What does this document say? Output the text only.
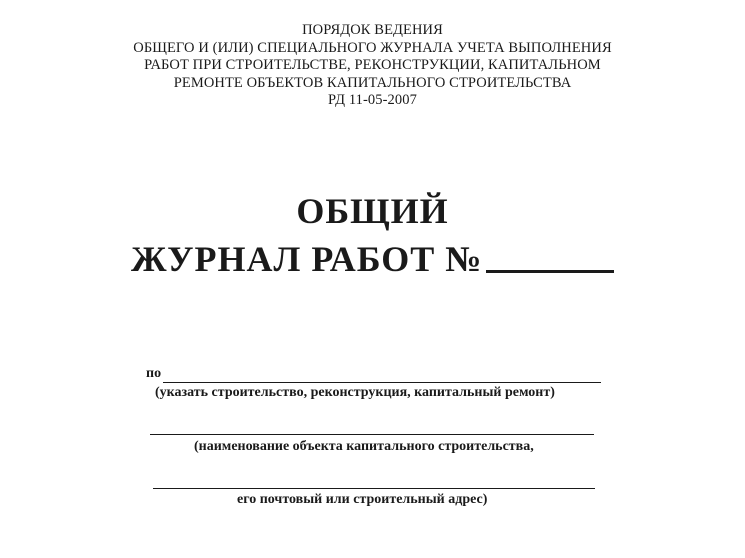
ПОРЯДОК ВЕДЕНИЯ
ОБЩЕГО И (ИЛИ) СПЕЦИАЛЬНОГО ЖУРНАЛА УЧЕТА ВЫПОЛНЕНИЯ
РАБОТ ПРИ СТРОИТЕЛЬСТВЕ, РЕКОНСТРУКЦИИ, КАПИТАЛЬНОМ
РЕМОНТЕ ОБЪЕКТОВ КАПИТАЛЬНОГО СТРОИТЕЛЬСТВА
РД 11-05-2007
ОБЩИЙ
ЖУРНАЛ РАБОТ №
по
(указать строительство, реконструкция, капитальный ремонт)
(наименование объекта капитального строительства,
его почтовый или строительный адрес)
